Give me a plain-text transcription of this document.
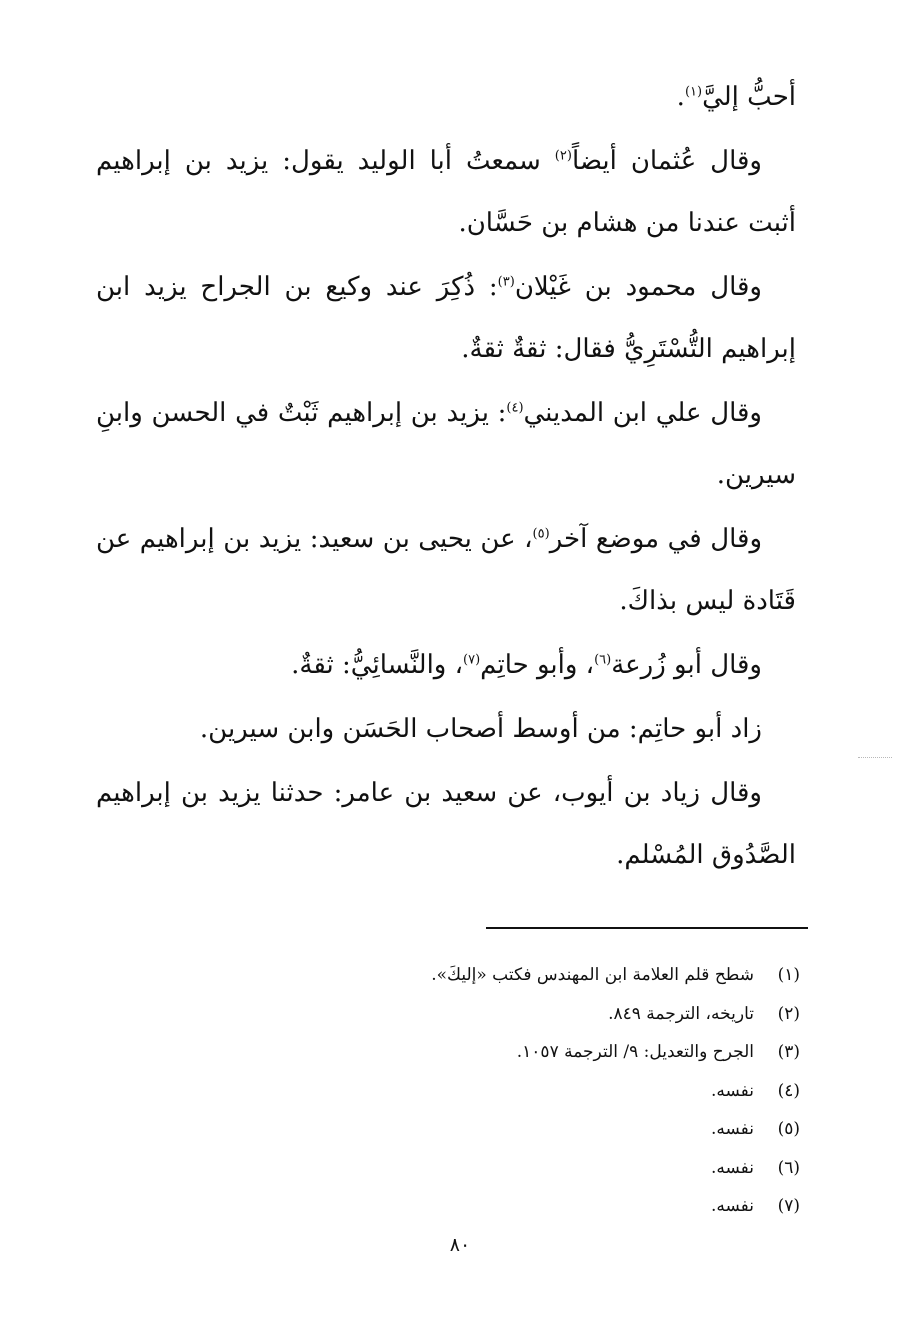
أحبُّ إليَّ$^{(١)}$.

وقال عُثمان أيضاً$^{(٢)}$ سمعتُ أبا الوليد يقول: يزيد بن إبراهيم أثبت عندنا من هشام بن حَسَّان.

وقال محمود بن غَيْلان$^{(٣)}$: ذُكِرَ عند وكيع بن الجراح يزيد ابن إبراهيم التُّسْتَرِيُّ فقال: ثقةٌ ثقةٌ.

وقال علي ابن المديني$^{(٤)}$: يزيد بن إبراهيم ثَبْتٌ في الحسن وابنِ سيرين.

وقال في موضع آخر$^{(٥)}$، عن يحيى بن سعيد: يزيد بن إبراهيم عن قَتَادة ليس بذاكَ.

وقال أبو زُرعة$^{(٦)}$، وأبو حاتِم$^{(٧)}$، والنَّسائِيُّ: ثقةٌ.

زاد أبو حاتِم: من أوسط أصحاب الحَسَن وابن سيرين.

وقال زياد بن أيوب، عن سعيد بن عامر: حدثنا يزيد بن إبراهيم الصَّدُوق المُسْلم.

(١)
شطح قلم العلامة ابن المهندس فكتب «إليكَ».
(٢)
تاريخه، الترجمة ٨٤٩.
(٣)
الجرح والتعديل: ٩/ الترجمة ١٠٥٧.
(٤)
نفسه.
(٥)
نفسه.
(٦)
نفسه.
(٧)
نفسه.
٨٠
